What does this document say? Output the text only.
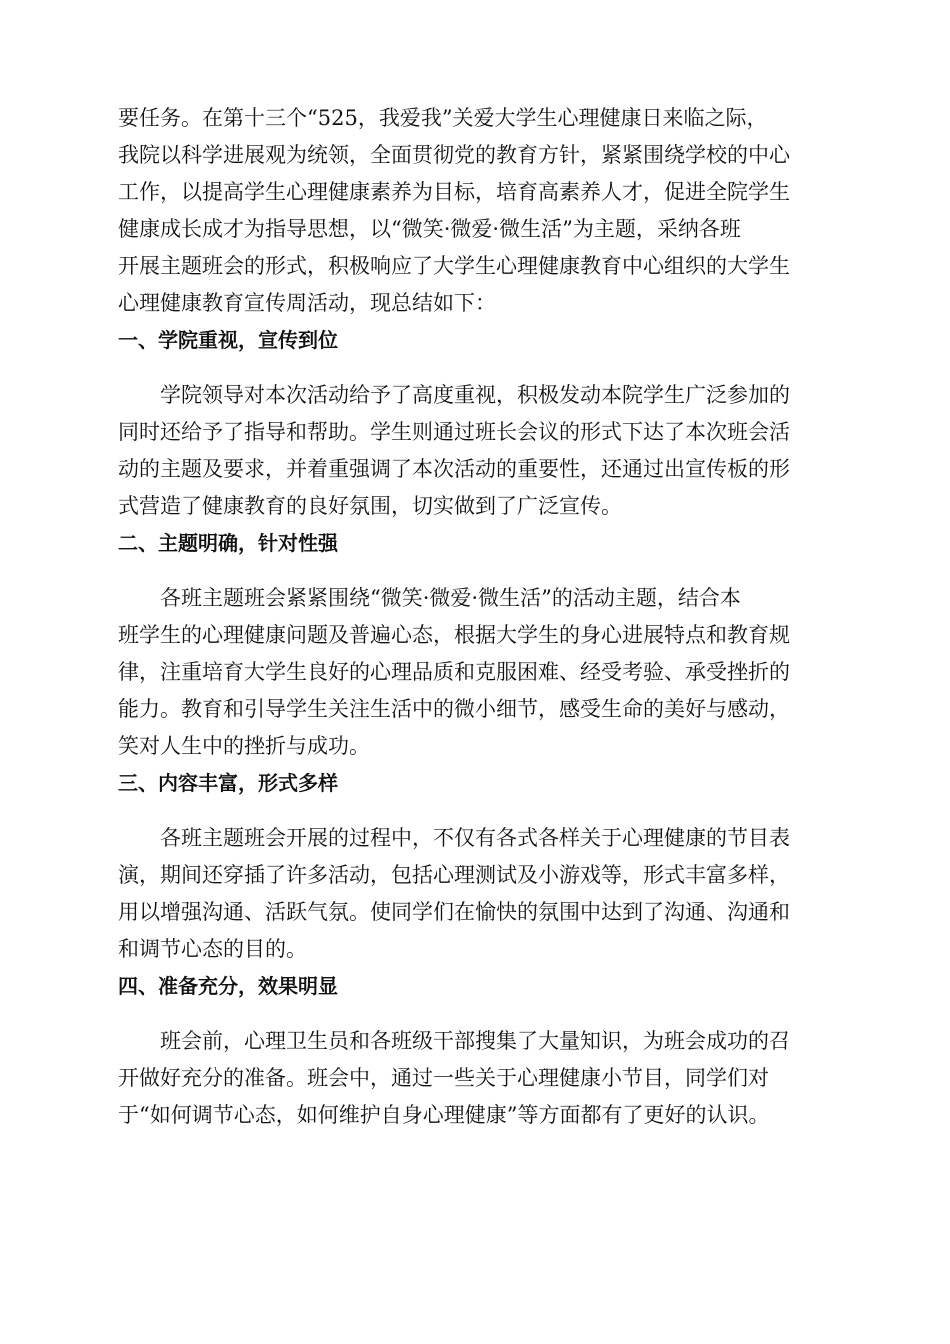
要任务。在第十三个“525，我爱我”关爱大学生心理健康日来临之际，
我院以科学进展观为统领，全面贯彻党的教育方针，紧紧围绕学校的中心
工作，以提高学生心理健康素养为目标，培育高素养人才，促进全院学生
健康成长成才为指导思想，以“微笑·微爱·微生活”为主题，采纳各班
开展主题班会的形式，积极响应了大学生心理健康教育中心组织的大学生
心理健康教育宣传周活动，现总结如下：
一、学院重视，宣传到位
学院领导对本次活动给予了高度重视，积极发动本院学生广泛参加的
同时还给予了指导和帮助。学生则通过班长会议的形式下达了本次班会活
动的主题及要求，并着重强调了本次活动的重要性，还通过出宣传板的形
式营造了健康教育的良好氛围，切实做到了广泛宣传。
二、主题明确，针对性强
各班主题班会紧紧围绕“微笑·微爱·微生活”的活动主题，结合本
班学生的心理健康问题及普遍心态，根据大学生的身心进展特点和教育规
律，注重培育大学生良好的心理品质和克服困难、经受考验、承受挫折的
能力。教育和引导学生关注生活中的微小细节，感受生命的美好与感动，
笑对人生中的挫折与成功。
三、内容丰富，形式多样
各班主题班会开展的过程中，不仅有各式各样关于心理健康的节目表
演，期间还穿插了许多活动，包括心理测试及小游戏等，形式丰富多样，
用以增强沟通、活跃气氛。使同学们在愉快的氛围中达到了沟通、沟通和
和调节心态的目的。
四、准备充分，效果明显
班会前，心理卫生员和各班级干部搜集了大量知识，为班会成功的召
开做好充分的准备。班会中，通过一些关于心理健康小节目，同学们对
于“如何调节心态，如何维护自身心理健康”等方面都有了更好的认识。
